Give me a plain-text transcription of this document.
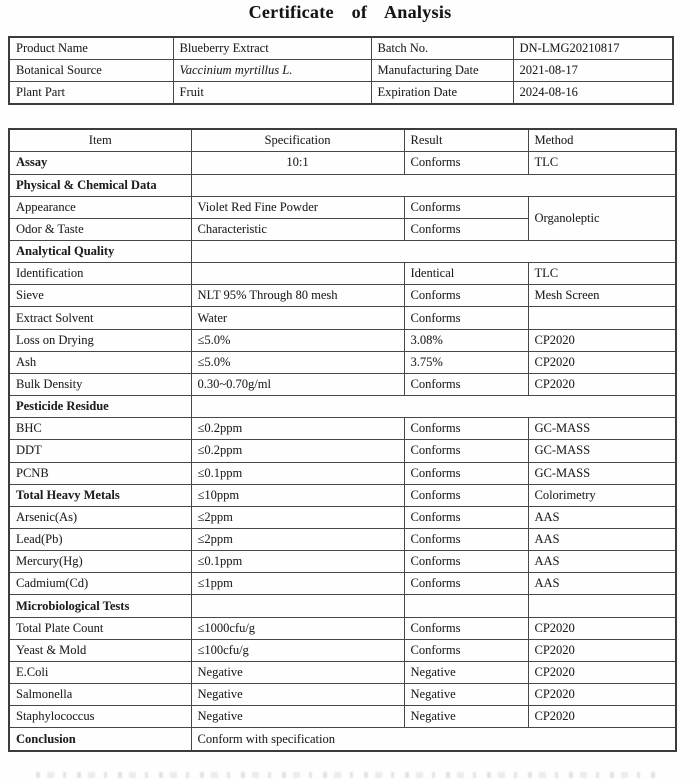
Certificate of Analysis
Product Name	Blueberry Extract	Batch No.	DN-LMG20210817
Botanical Source	Vaccinium myrtillus L.	Manufacturing Date	2021-08-17
Plant Part	Fruit	Expiration Date	2024-08-16
Item	Specification	Result	Method
Assay	10:1	Conforms	TLC
Physical & Chemical Data			
Appearance	Violet Red Fine Powder	Conforms	Organoleptic
Odor & Taste	Characteristic	Conforms	
Analytical Quality			
Identification		Identical	TLC
Sieve	NLT 95% Through 80 mesh	Conforms	Mesh Screen
Extract Solvent	Water	Conforms	
Loss on Drying	≤5.0%	3.08%	CP2020
Ash	≤5.0%	3.75%	CP2020
Bulk Density	0.30~0.70g/ml	Conforms	CP2020
Pesticide Residue			
BHC	≤0.2ppm	Conforms	GC-MASS
DDT	≤0.2ppm	Conforms	GC-MASS
PCNB	≤0.1ppm	Conforms	GC-MASS
Total Heavy Metals	≤10ppm	Conforms	Colorimetry
Arsenic(As)	≤2ppm	Conforms	AAS
Lead(Pb)	≤2ppm	Conforms	AAS
Mercury(Hg)	≤0.1ppm	Conforms	AAS
Cadmium(Cd)	≤1ppm	Conforms	AAS
Microbiological Tests			
Total Plate Count	≤1000cfu/g	Conforms	CP2020
Yeast & Mold	≤100cfu/g	Conforms	CP2020
E.Coli	Negative	Negative	CP2020
Salmonella	Negative	Negative	CP2020
Staphylococcus	Negative	Negative	CP2020
Conclusion	Conform with specification		
